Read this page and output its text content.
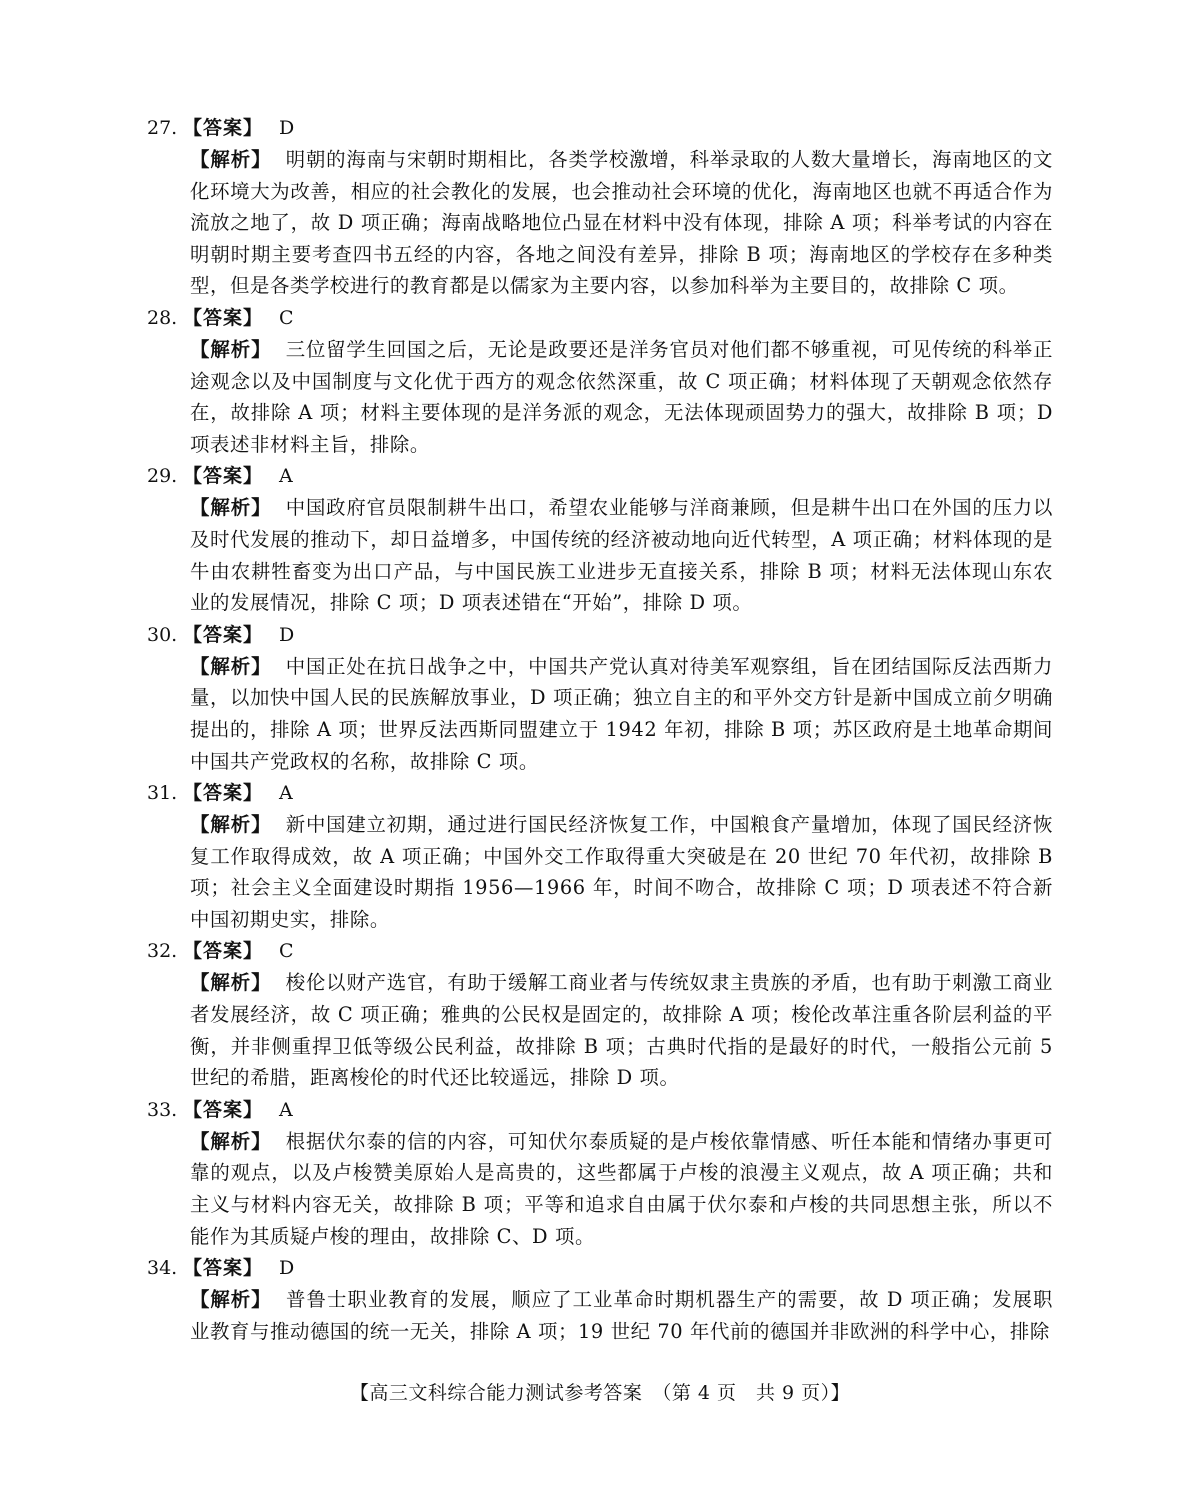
27. 【答案】 D
【解析】 明朝的海南与宋朝时期相比，各类学校激增，科举录取的人数大量增长，海南地区的文化环境大为改善，相应的社会教化的发展，也会推动社会环境的优化，海南地区也就不再适合作为流放之地了，故 D 项正确；海南战略地位凸显在材料中没有体现，排除 A 项；科举考试的内容在明朝时期主要考查四书五经的内容，各地之间没有差异，排除 B 项；海南地区的学校存在多种类型，但是各类学校进行的教育都是以儒家为主要内容，以参加科举为主要目的，故排除 C 项。
28. 【答案】 C
【解析】 三位留学生回国之后，无论是政要还是洋务官员对他们都不够重视，可见传统的科举正途观念以及中国制度与文化优于西方的观念依然深重，故 C 项正确；材料体现了天朝观念依然存在，故排除 A 项；材料主要体现的是洋务派的观念，无法体现顽固势力的强大，故排除 B 项；D 项表述非材料主旨，排除。
29. 【答案】 A
【解析】 中国政府官员限制耕牛出口，希望农业能够与洋商兼顾，但是耕牛出口在外国的压力以及时代发展的推动下，却日益增多，中国传统的经济被动地向近代转型，A 项正确；材料体现的是牛由农耕牲畜变为出口产品，与中国民族工业进步无直接关系，排除 B 项；材料无法体现山东农业的发展情况，排除 C 项；D 项表述错在“开始”，排除 D 项。
30. 【答案】 D
【解析】 中国正处在抗日战争之中，中国共产党认真对待美军观察组，旨在团结国际反法西斯力量，以加快中国人民的民族解放事业，D 项正确；独立自主的和平外交方针是新中国成立前夕明确提出的，排除 A 项；世界反法西斯同盟建立于 1942 年初，排除 B 项；苏区政府是土地革命期间中国共产党政权的名称，故排除 C 项。
31. 【答案】 A
【解析】 新中国建立初期，通过进行国民经济恢复工作，中国粮食产量增加，体现了国民经济恢复工作取得成效，故 A 项正确；中国外交工作取得重大突破是在 20 世纪 70 年代初，故排除 B 项；社会主义全面建设时期指 1956—1966 年，时间不吻合，故排除 C 项；D 项表述不符合新中国初期史实，排除。
32. 【答案】 C
【解析】 梭伦以财产选官，有助于缓解工商业者与传统奴隶主贵族的矛盾，也有助于刺激工商业者发展经济，故 C 项正确；雅典的公民权是固定的，故排除 A 项；梭伦改革注重各阶层利益的平衡，并非侧重捍卫低等级公民利益，故排除 B 项；古典时代指的是最好的时代，一般指公元前 5 世纪的希腊，距离梭伦的时代还比较遥远，排除 D 项。
33. 【答案】 A
【解析】 根据伏尔泰的信的内容，可知伏尔泰质疑的是卢梭依靠情感、听任本能和情绪办事更可靠的观点，以及卢梭赞美原始人是高贵的，这些都属于卢梭的浪漫主义观点，故 A 项正确；共和主义与材料内容无关，故排除 B 项；平等和追求自由属于伏尔泰和卢梭的共同思想主张，所以不能作为其质疑卢梭的理由，故排除 C、D 项。
34. 【答案】 D
【解析】 普鲁士职业教育的发展，顺应了工业革命时期机器生产的需要，故 D 项正确；发展职业教育与推动德国的统一无关，排除 A 项；19 世纪 70 年代前的德国并非欧洲的科学中心，排除
【高三文科综合能力测试参考答案　（第 4 页　共 9 页）】
